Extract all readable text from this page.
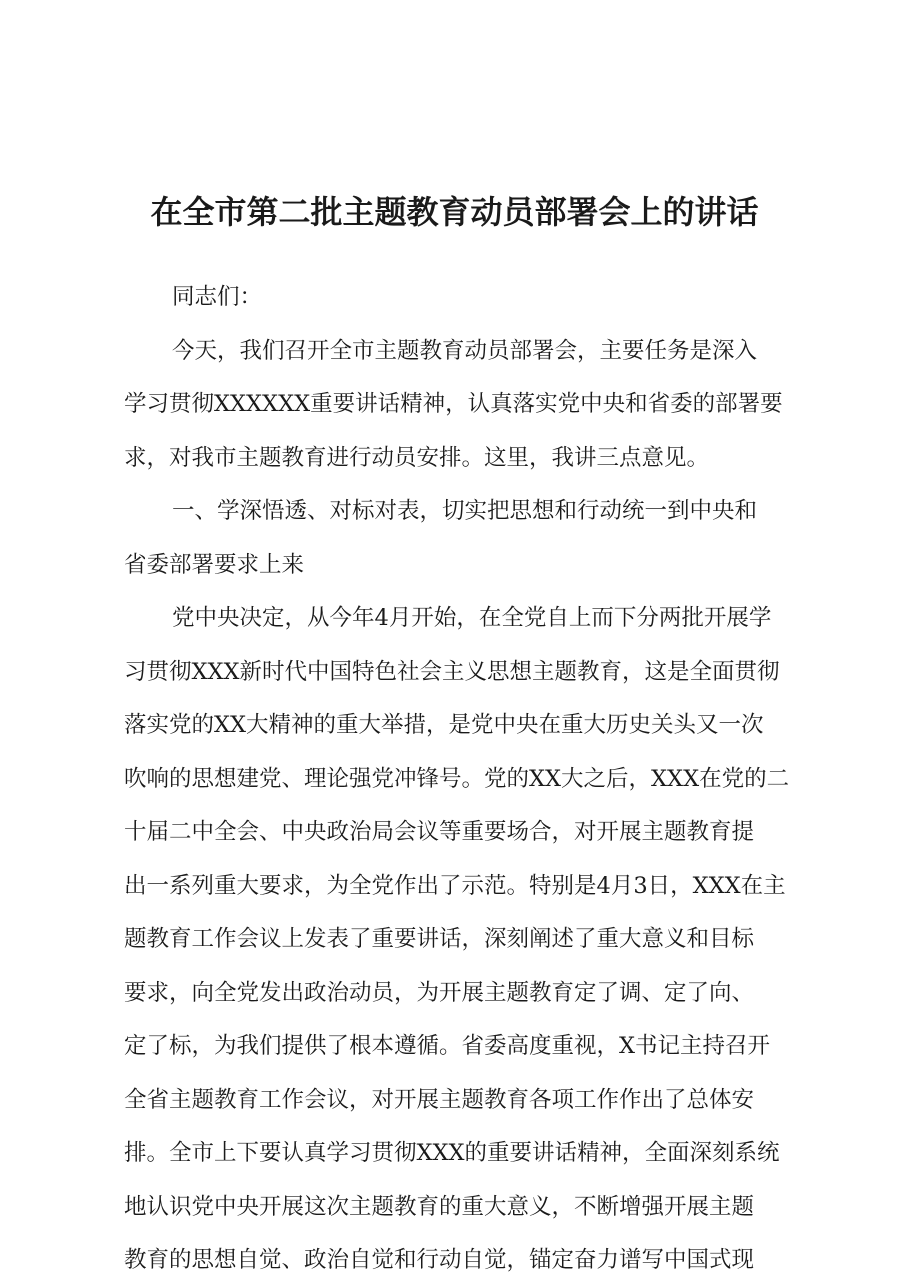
在全市第二批主题教育动员部署会上的讲话
同志们：
今天，我们召开全市主题教育动员部署会，主要任务是深入
学习贯彻XXXXXX重要讲话精神，认真落实党中央和省委的部署要
求，对我市主题教育进行动员安排。这里，我讲三点意见。
一、学深悟透、对标对表，切实把思想和行动统一到中央和
省委部署要求上来
党中央决定，从今年4月开始，在全党自上而下分两批开展学
习贯彻XXX新时代中国特色社会主义思想主题教育，这是全面贯彻
落实党的XX大精神的重大举措，是党中央在重大历史关头又一次
吹响的思想建党、理论强党冲锋号。党的XX大之后，XXX在党的二
十届二中全会、中央政治局会议等重要场合，对开展主题教育提
出一系列重大要求，为全党作出了示范。特别是4月3日，XXX在主
题教育工作会议上发表了重要讲话，深刻阐述了重大意义和目标
要求，向全党发出政治动员，为开展主题教育定了调、定了向、
定了标，为我们提供了根本遵循。省委高度重视，X书记主持召开
全省主题教育工作会议，对开展主题教育各项工作作出了总体安
排。全市上下要认真学习贯彻XXX的重要讲话精神，全面深刻系统
地认识党中央开展这次主题教育的重大意义，不断增强开展主题
教育的思想自觉、政治自觉和行动自觉，锚定奋力谱写中国式现
